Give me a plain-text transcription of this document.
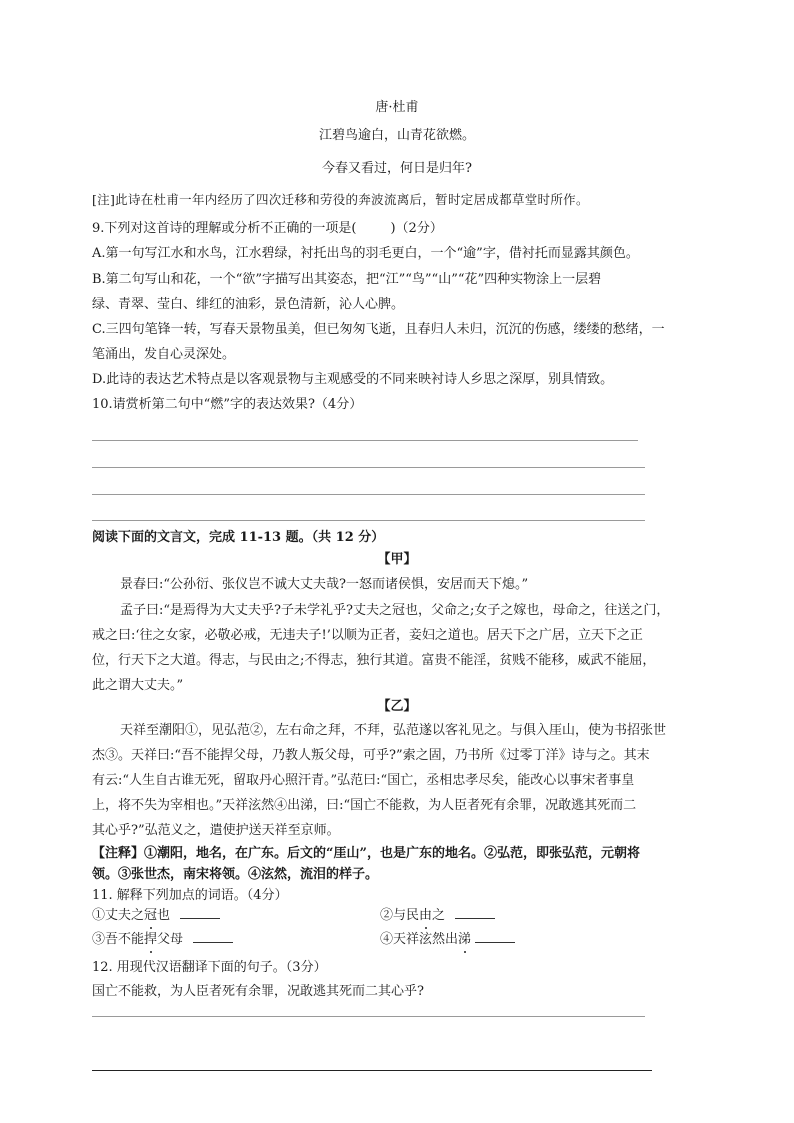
唐·杜甫
江碧鸟逾白，山青花欲燃。
今春又看过，何日是归年?
[注]此诗在杜甫一年内经历了四次迁移和劳役的奔波流离后，暂时定居成都草堂时所作。
9.下列对这首诗的理解或分析不正确的一项是(	)（2分）
A.第一句写江水和水鸟，江水碧绿，衬托出鸟的羽毛更白，一个“逾”字，借衬托而显露其颜色。
B.第二句写山和花，一个“欲”字描写出其姿态，把“江”“鸟”“山”“花”四种实物涂上一层碧
绿、青翠、莹白、绯红的油彩，景色清新，沁人心脾。
C.三四句笔锋一转，写春天景物虽美，但已匆匆飞逝，且春归人未归，沉沉的伤感，缕缕的愁绪，一
笔涌出，发自心灵深处。
D.此诗的表达艺术特点是以客观景物与主观感受的不同来映衬诗人乡思之深厚，别具情致。
10.请赏析第二句中“燃”字的表达效果?（4分）
阅读下面的文言文，完成 11-13 题。（共 12 分）
【甲】
景春曰:“公孙衍、张仪岂不诚大丈夫哉?一怒而诸侯惧，安居而天下熄。”
孟子曰:“是焉得为大丈夫乎?子未学礼乎?丈夫之冠也，父命之;女子之嫁也，母命之，往送之门，
戒之曰:‘往之女家，必敬必戒，无违夫子!’以顺为正者，妾妇之道也。居天下之广居，立天下之正
位，行天下之大道。得志，与民由之;不得志，独行其道。富贵不能淫，贫贱不能移，威武不能屈，
此之谓大丈夫。”
【乙】
天祥至潮阳①，见弘范②，左右命之拜，不拜，弘范遂以客礼见之。与俱入厓山，使为书招张世
杰③。天祥曰:“吾不能捍父母，乃教人叛父母，可乎?”索之固，乃书所《过零丁洋》诗与之。其末
有云:“人生自古谁无死，留取丹心照汗青。”弘范曰:“国亡，丞相忠孝尽矣，能改心以事宋者事皇
上，将不失为宰相也。”天祥泫然④出涕，曰:“国亡不能救，为人臣者死有余罪，况敢逃其死而二
其心乎?”弘范义之，遣使护送天祥至京师。
【注释】①潮阳，地名，在广东。后文的“厓山”，也是广东的地名。②弘范，即张弘范，元朝将
领。③张世杰，南宋将领。④泫然，流泪的样子。
11. 解释下列加点的词语。（4分）
①丈夫之冠也	②与民由之
③吾不能捍父母	④天祥泫然出涕
12. 用现代汉语翻译下面的句子。（3分）
国亡不能救，为人臣者死有余罪，况敢逃其死而二其心乎?
